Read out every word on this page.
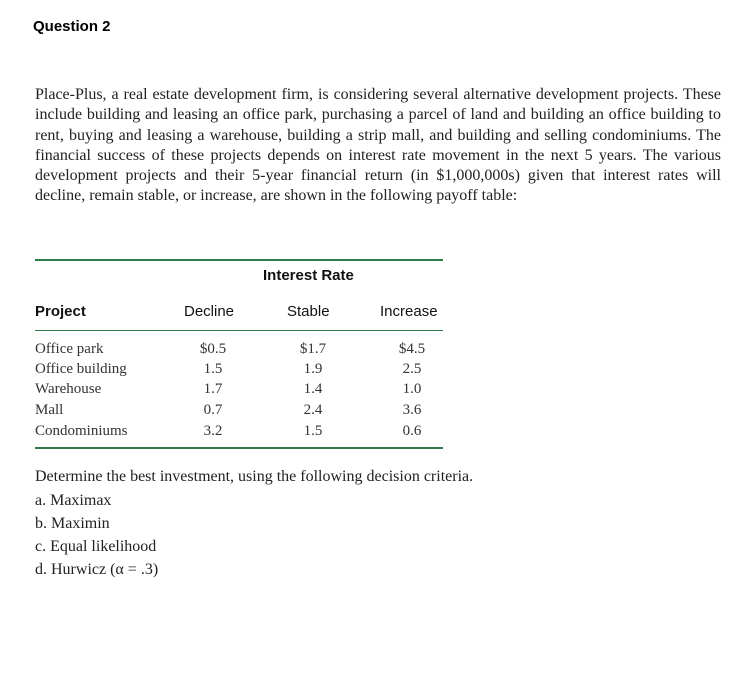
Question 2

Place-Plus, a real estate development firm, is considering several alternative development projects. These include building and leasing an office park, purchasing a parcel of land and building an office building to rent, buying and leasing a warehouse, building a strip mall, and building and selling condominiums. The financial success of these projects depends on interest rate movement in the next 5 years. The various development projects and their 5-year financial return (in $1,000,000s) given that interest rates will decline, remain stable, or increase, are shown in the following payoff table:

Interest Rate
Project	Decline	Stable	Increase
Office park	$0.5	$1.7	$4.5
Office building	1.5	1.9	2.5
Warehouse	1.7	1.4	1.0
Mall	0.7	2.4	3.6
Condominiums	3.2	1.5	0.6
Determine the best investment, using the following decision criteria.
a. Maximax
b. Maximin
c. Equal likelihood
d. Hurwicz (α = .3)
